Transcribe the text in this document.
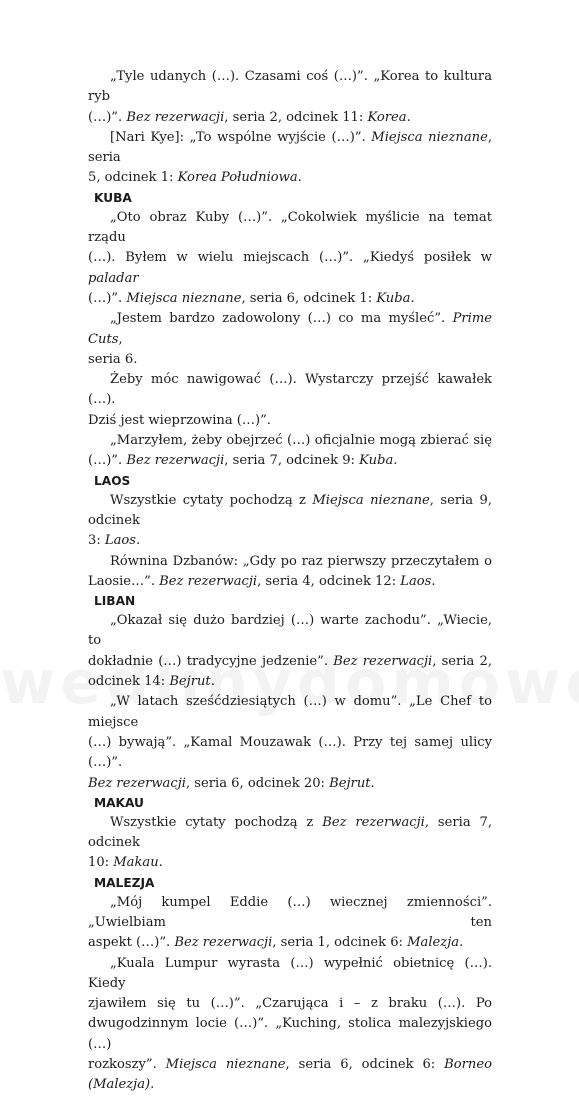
„Tyle udanych (…). Czasami coś (…)”. „Korea to kultura ryb
(…)”. Bez rezerwacji, seria 2, odcinek 11: Korea.

[Nari Kye]: „To wspólne wyjście (…)”. Miejsca nieznane, seria
5, odcinek 1: Korea Południowa.

KUBA

„Oto obraz Kuby (…)”. „Cokolwiek myślicie na temat rządu
(…). Byłem w wielu miejscach (…)”. „Kiedyś posiłek w paladar
(…)”. Miejsca nieznane, seria 6, odcinek 1: Kuba.

„Jestem bardzo zadowolony (…) co ma myśleć”. Prime Cuts,
seria 6.

Żeby móc nawigować (…). Wystarczy przejść kawałek (…).
Dziś jest wieprzowina (…)”.

„Marzyłem, żeby obejrzeć (…) oficjalnie mogą zbierać się
(…)”. Bez rezerwacji, seria 7, odcinek 9: Kuba.

LAOS

Wszystkie cytaty pochodzą z Miejsca nieznane, seria 9, odcinek
3: Laos.

Równina Dzbanów: „Gdy po raz pierwszy przeczytałem o
Laosie…”. Bez rezerwacji, seria 4, odcinek 12: Laos.

LIBAN

„Okazał się dużo bardziej (…) warte zachodu”. „Wiecie, to
dokładnie (…) tradycyjne jedzenie”. Bez rezerwacji, seria 2,
odcinek 14: Bejrut.

„W latach sześćdziesiątych (…) w domu”. „Le Chef to miejsce
(…) bywają”. „Kamal Mouzawak (…). Przy tej samej ulicy (…)”.
Bez rezerwacji, seria 6, odcinek 20: Bejrut.

MAKAU

Wszystkie cytaty pochodzą z Bez rezerwacji, seria 7, odcinek
10: Makau.

MALEZJA

„Mój kumpel Eddie (…) wiecznej zmienności”. „Uwielbiam ten
aspekt (…)”. Bez rezerwacji, seria 1, odcinek 6: Malezja.

„Kuala Lumpur wyrasta (…) wypełnić obietnicę (…). Kiedy
zjawiłem się tu (…)”. „Czarująca i – z braku (…). Po
dwugodzinnym locie (…)”. „Kuching, stolica malezyjskiego (…)
rozkoszy”. Miejsca nieznane, seria 6, odcinek 6: Borneo (Malezja).
